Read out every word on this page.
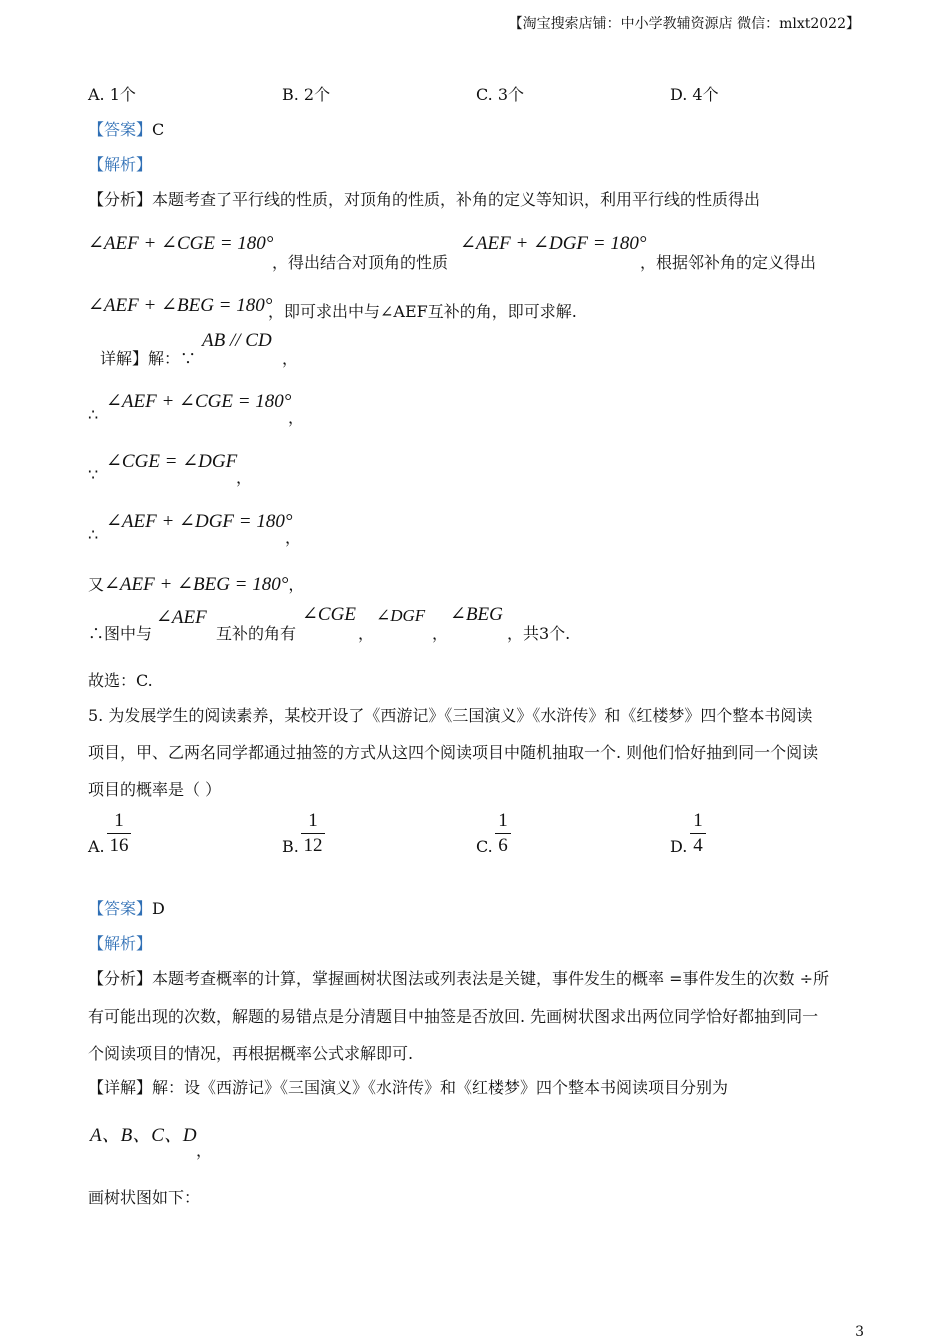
【淘宝搜索店铺：中小学教辅资源店 微信：mlxt2022】
A. 1个	B. 2个	C. 3个	D. 4个
【答案】C
【解析】
【分析】本题考查了平行线的性质，对顶角的性质，补角的定义等知识，利用平行线的性质得出
∠AEF + ∠CGE = 180°
，得出结合对顶角的性质
∠AEF + ∠DGF = 180°
，根据邻补角的定义得出
∠AEF + ∠BEG = 180°
，即可求出中与∠AEF互补的角，即可求解.
详解】解：∵
AB // CD
，
∴
∠AEF + ∠CGE = 180°
，
∵
∠CGE = ∠DGF
，
∴
∠AEF + ∠DGF = 180°
，
又∠AEF + ∠BEG = 180°，
∴图中与
∠AEF
互补的角有
∠CGE
，
∠DGF
，
∠BEG
，共3个.
故选：C.
5. 为发展学生的阅读素养，某校开设了《西游记》《三国演义》《水浒传》和《红楼梦》四个整本书阅读
项目，甲、乙两名同学都通过抽签的方式从这四个阅读项目中随机抽取一个. 则他们恰好抽到同一个阅读
项目的概率是（ ）
A.
1
16	B.
1
12	C.
1
6	D.
1
4
【答案】D
【解析】
【分析】本题考查概率的计算，掌握画树状图法或列表法是关键，事件发生的概率 =事件发生的次数 ÷所
有可能出现的次数，解题的易错点是分清题目中抽签是否放回. 先画树状图求出两位同学恰好都抽到同一
个阅读项目的情况，再根据概率公式求解即可.
【详解】解：设《西游记》《三国演义》《水浒传》和《红楼梦》四个整本书阅读项目分别为
A、B、C、D
，
画树状图如下：
3
